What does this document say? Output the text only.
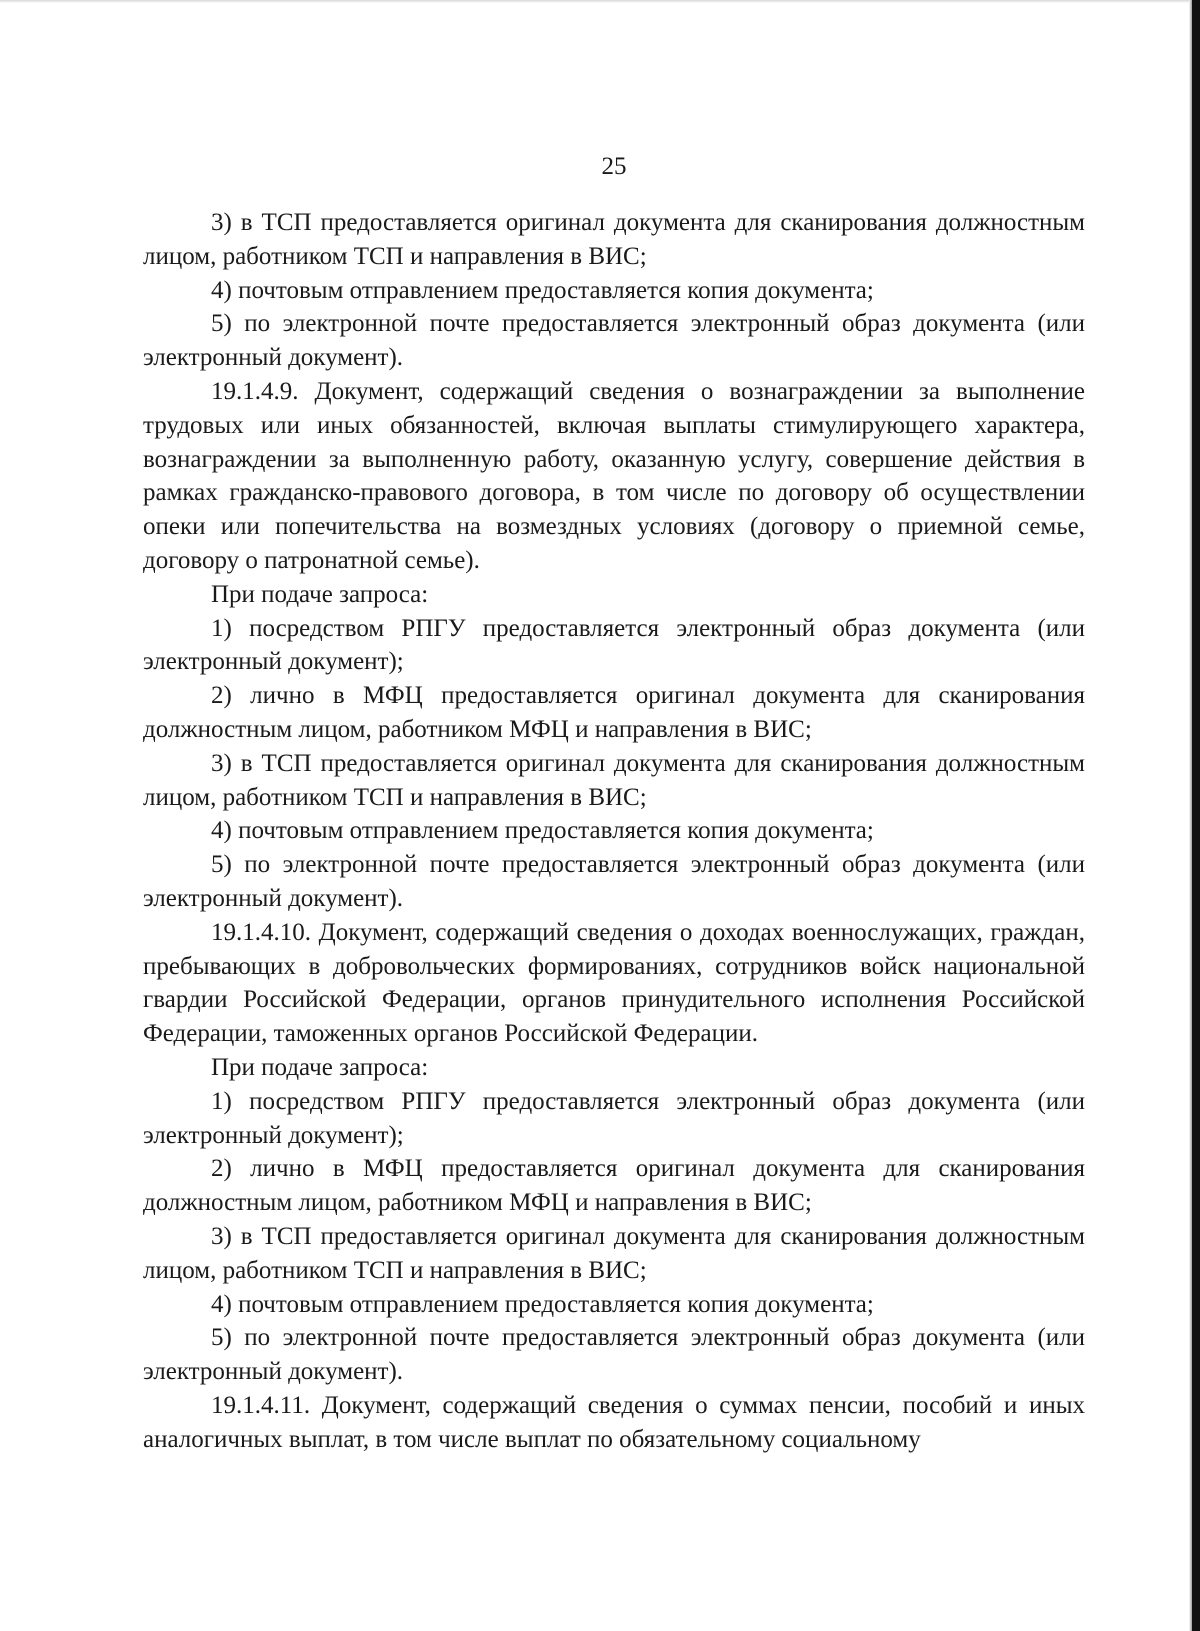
25

3) в ТСП предоставляется оригинал документа для сканирования должностным лицом, работником ТСП и направления в ВИС;

4) почтовым отправлением предоставляется копия документа;

5) по электронной почте предоставляется электронный образ документа (или электронный документ).

19.1.4.9. Документ, содержащий сведения о вознаграждении за выполнение трудовых или иных обязанностей, включая выплаты стимулирующего характера, вознаграждении за выполненную работу, оказанную услугу, совершение действия в рамках гражданско-правового договора, в том числе по договору об осуществлении опеки или попечительства на возмездных условиях (договору о приемной семье, договору о патронатной семье).

При подаче запроса:

1) посредством РПГУ предоставляется электронный образ документа (или электронный документ);

2) лично в МФЦ предоставляется оригинал документа для сканирования должностным лицом, работником МФЦ и направления в ВИС;

3) в ТСП предоставляется оригинал документа для сканирования должностным лицом, работником ТСП и направления в ВИС;

4) почтовым отправлением предоставляется копия документа;

5) по электронной почте предоставляется электронный образ документа (или электронный документ).

19.1.4.10. Документ, содержащий сведения о доходах военнослужащих, граждан, пребывающих в добровольческих формированиях, сотрудников войск национальной гвардии Российской Федерации, органов принудительного исполнения Российской Федерации, таможенных органов Российской Федерации.

При подаче запроса:

1) посредством РПГУ предоставляется электронный образ документа (или электронный документ);

2) лично в МФЦ предоставляется оригинал документа для сканирования должностным лицом, работником МФЦ и направления в ВИС;

3) в ТСП предоставляется оригинал документа для сканирования должностным лицом, работником ТСП и направления в ВИС;

4) почтовым отправлением предоставляется копия документа;

5) по электронной почте предоставляется электронный образ документа (или электронный документ).

19.1.4.11. Документ, содержащий сведения о суммах пенсии, пособий и иных аналогичных выплат, в том числе выплат по обязательному социальному
